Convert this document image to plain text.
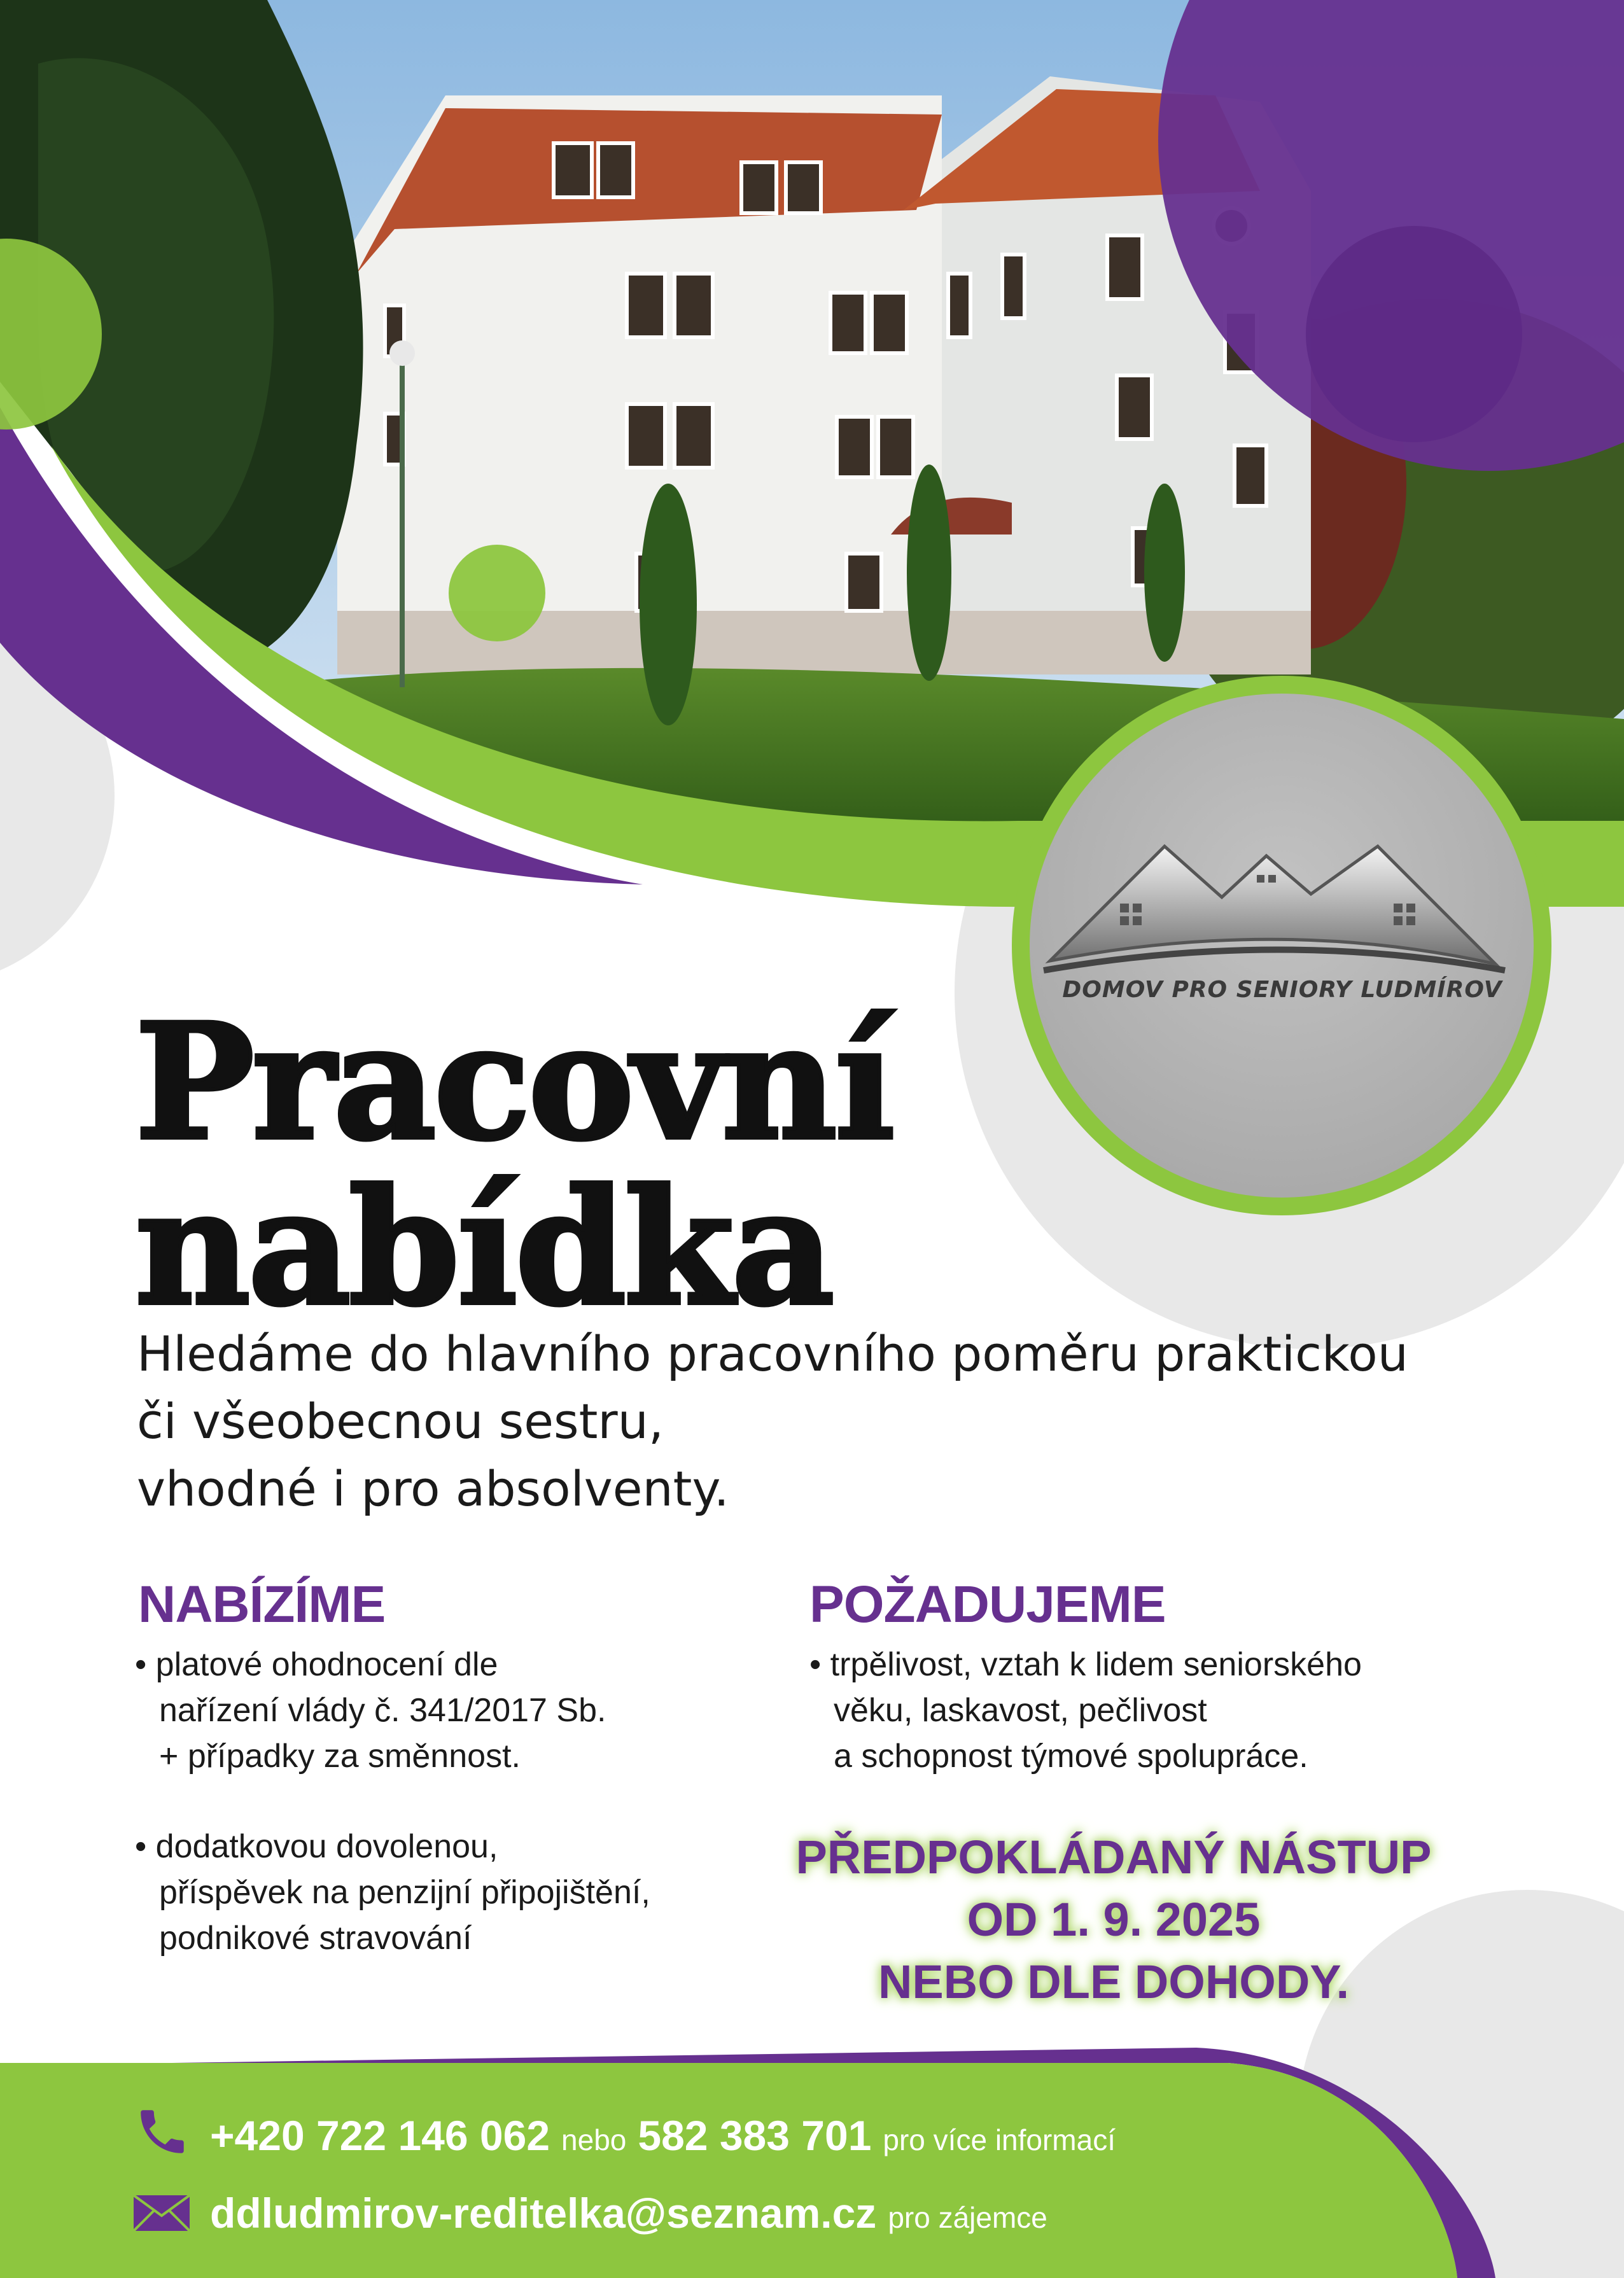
DOMOV PRO SENIORY LUDMÍROV
Pracovní
nabídka
Hledáme do hlavního pracovního poměru praktickou
či všeobecnou sestru,
vhodné i pro absolventy.
NABÍZÍME
• platové ohodnocení dle
nařízení vlády č. 341/2017 Sb.
+ případky za směnnost.
• dodatkovou dovolenou,
příspěvek na penzijní připojištění,
podnikové stravování
POŽADUJEME
• trpělivost, vztah k lidem seniorského
věku, laskavost, pečlivost
a schopnost týmové spolupráce.
PŘEDPOKLÁDANÝ NÁSTUP
OD 1. 9. 2025
NEBO DLE DOHODY.
+420 722 146 062 nebo 582 383 701 pro více informací
ddludmirov-reditelka@seznam.cz pro zájemce
